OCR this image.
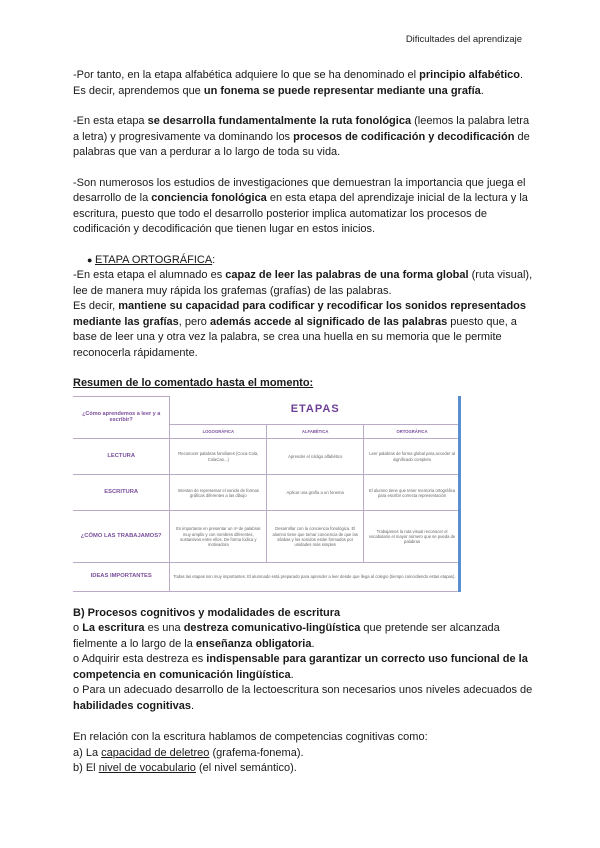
Dificultades del aprendizaje

-Por tanto, en la etapa alfabética adquiere lo que se ha denominado el principio alfabético. Es decir, aprendemos que un fonema se puede representar mediante una grafía.

-En esta etapa se desarrolla fundamentalmente la ruta fonológica (leemos la palabra letra a letra) y progresivamente va dominando los procesos de codificación y decodificación de palabras que van a perdurar a lo largo de toda su vida.

-Son numerosos los estudios de investigaciones que demuestran la importancia que juega el desarrollo de la conciencia fonológica en esta etapa del aprendizaje inicial de la lectura y la escritura, puesto que todo el desarrollo posterior implica automatizar los procesos de codificación y decodificación que tienen lugar en estos inicios.

● ETAPA ORTOGRÁFICA:

-En esta etapa el alumnado es capaz de leer las palabras de una forma global (ruta visual), lee de manera muy rápida los grafemas (grafías) de las palabras.

Es decir, mantiene su capacidad para codificar y recodificar los sonidos representados mediante las grafías, pero además accede al significado de las palabras puesto que, a base de leer una y otra vez la palabra, se crea una huella en su memoria que le permite reconocerla rápidamente.

Resumen de lo comentado hasta el momento:
¿Cómo aprendemos a leer y a escribir?	ETAPAS		
	LOGOGRÁFICA	ALFABÉTICA	ORTOGRÁFICA
LECTURA	Reconocer palabras familiares (Coca-Cola, ColaCao...)	Aprender el código alfabético	Leer palabras de forma global para acceder al significado completo
ESCRITURA	Intentan de representar el sonido de formas gráficas diferentes a las dibujo	Aplicar una grafía a un fonema	El alumno tiene que tener memoria ortográfica para escribir correcta representación
¿CÓMO LAS TRABAJAMOS?	Es importante en presentar un nº de palabras muy amplio y con nombres diferentes, sustantivos entre ellos. De forma lúdica y motivadora	Desarrollar con la conciencia fonológica. El alumno tiene que tomar conciencia de que las sílabas y los sonidos están formados por unidades más simples	Trabajamos la ruta visual reconocer el vocabulario el mayor número que se pueda de palabras
IDEAS IMPORTANTES	Todas las etapas son muy importantes. El alumnado está preparado para aprender a leer desde que llega al colegio (tiempo coincidiendo estas etapas).		

B) Procesos cognitivos y modalidades de escritura

o La escritura es una destreza comunicativo-lingüística que pretende ser alcanzada fielmente a lo largo de la enseñanza obligatoria.

o Adquirir esta destreza es indispensable para garantizar un correcto uso funcional de la competencia en comunicación lingüística.

o Para un adecuado desarrollo de la lectoescritura son necesarios unos niveles adecuados de habilidades cognitivas.

En relación con la escritura hablamos de competencias cognitivas como:

a) La capacidad de deletreo (grafema-fonema).

b) El nivel de vocabulario (el nivel semántico).
